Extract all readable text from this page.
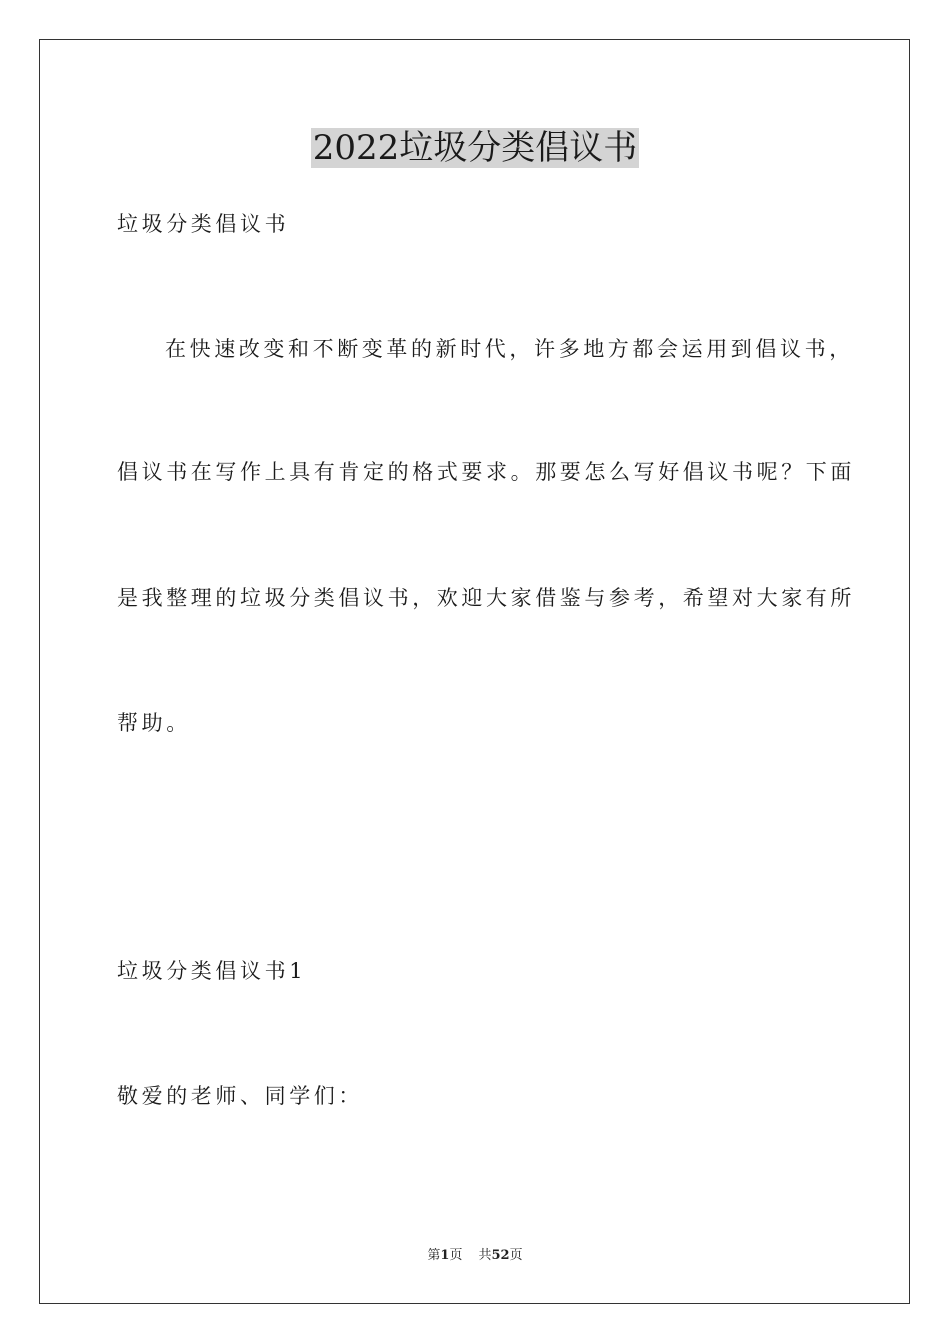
2022垃圾分类倡议书
垃圾分类倡议书
在快速改变和不断变革的新时代，许多地方都会运用到倡议书，
倡议书在写作上具有肯定的格式要求。那要怎么写好倡议书呢？下面
是我整理的垃圾分类倡议书，欢迎大家借鉴与参考，希望对大家有所
帮助。
垃圾分类倡议书1
敬爱的老师、同学们：
第1页 共52页
